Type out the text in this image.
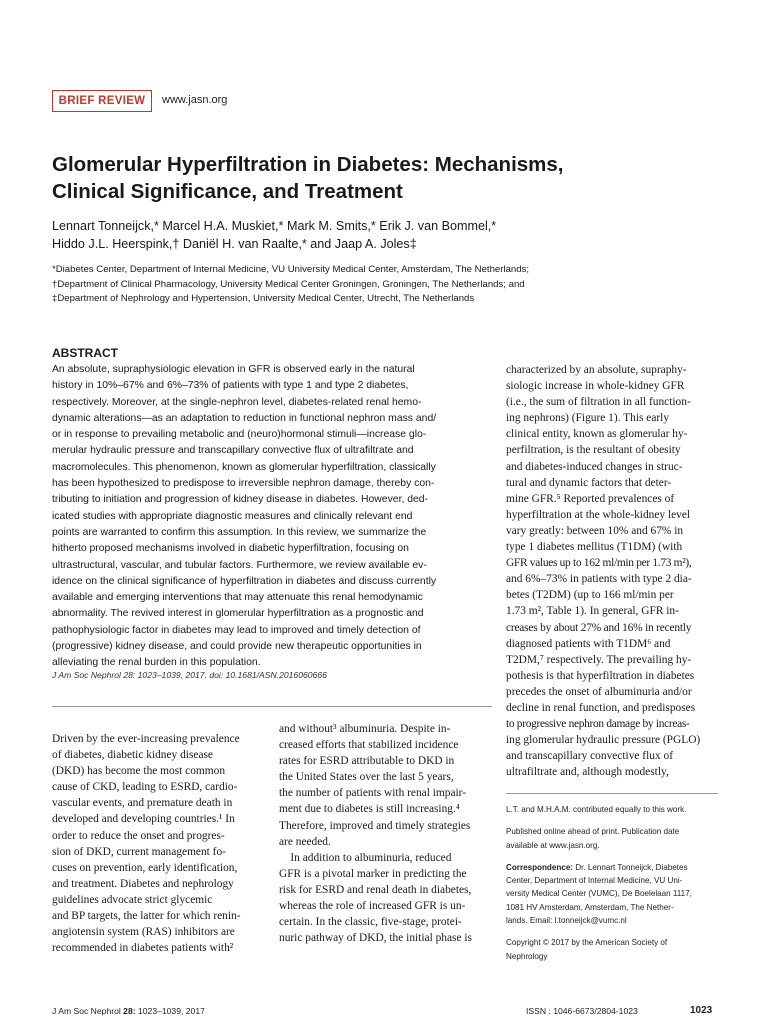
BRIEF REVIEW	www.jasn.org
Glomerular Hyperfiltration in Diabetes: Mechanisms,
Clinical Significance, and Treatment
Lennart Tonneijck,* Marcel H.A. Muskiet,* Mark M. Smits,* Erik J. van Bommel,*
Hiddo J.L. Heerspink,† Daniël H. van Raalte,* and Jaap A. Joles‡
*Diabetes Center, Department of Internal Medicine, VU University Medical Center, Amsterdam, The Netherlands;
†Department of Clinical Pharmacology, University Medical Center Groningen, Groningen, The Netherlands; and
‡Department of Nephrology and Hypertension, University Medical Center, Utrecht, The Netherlands
ABSTRACT
An absolute, supraphysiologic elevation in GFR is observed early in the natural
history in 10%–67% and 6%–73% of patients with type 1 and type 2 diabetes,
respectively. Moreover, at the single-nephron level, diabetes-related renal hemo-
dynamic alterations—as an adaptation to reduction in functional nephron mass and/
or in response to prevailing metabolic and (neuro)hormonal stimuli—increase glo-
merular hydraulic pressure and transcapillary convective flux of ultrafiltrate and
macromolecules. This phenomenon, known as glomerular hyperfiltration, classically
has been hypothesized to predispose to irreversible nephron damage, thereby con-
tributing to initiation and progression of kidney disease in diabetes. However, ded-
icated studies with appropriate diagnostic measures and clinically relevant end
points are warranted to confirm this assumption. In this review, we summarize the
hitherto proposed mechanisms involved in diabetic hyperfiltration, focusing on
ultrastructural, vascular, and tubular factors. Furthermore, we review available ev-
idence on the clinical significance of hyperfiltration in diabetes and discuss currently
available and emerging interventions that may attenuate this renal hemodynamic
abnormality. The revived interest in glomerular hyperfiltration as a prognostic and
pathophysiologic factor in diabetes may lead to improved and timely detection of
(progressive) kidney disease, and could provide new therapeutic opportunities in
alleviating the renal burden in this population.
J Am Soc Nephrol 28: 1023–1039, 2017. doi: 10.1681/ASN.2016060666
Driven by the ever-increasing prevalence
of diabetes, diabetic kidney disease
(DKD) has become the most common
cause of CKD, leading to ESRD, cardio-
vascular events, and premature death in
developed and developing countries.¹ In
order to reduce the onset and progres-
sion of DKD, current management fo-
cuses on prevention, early identification,
and treatment. Diabetes and nephrology
guidelines advocate strict glycemic
and BP targets, the latter for which renin-
angiotensin system (RAS) inhibitors are
recommended in diabetes patients with²
and without³ albuminuria. Despite in-
creased efforts that stabilized incidence
rates for ESRD attributable to DKD in
the United States over the last 5 years,
the number of patients with renal impair-
ment due to diabetes is still increasing.⁴
Therefore, improved and timely strategies
are needed.
In addition to albuminuria, reduced
GFR is a pivotal marker in predicting the
risk for ESRD and renal death in diabetes,
whereas the role of increased GFR is un-
certain. In the classic, five-stage, protei-
nuric pathway of DKD, the initial phase is
characterized by an absolute, supraphy-
siologic increase in whole-kidney GFR
(i.e., the sum of filtration in all function-
ing nephrons) (Figure 1). This early
clinical entity, known as glomerular hy-
perfiltration, is the resultant of obesity
and diabetes-induced changes in struc-
tural and dynamic factors that deter-
mine GFR.⁵ Reported prevalences of
hyperfiltration at the whole-kidney level
vary greatly: between 10% and 67% in
type 1 diabetes mellitus (T1DM) (with
GFR values up to 162 ml/min per 1.73 m²),
and 6%–73% in patients with type 2 dia-
betes (T2DM) (up to 166 ml/min per
1.73 m², Table 1). In general, GFR in-
creases by about 27% and 16% in recently
diagnosed patients with T1DM⁶ and
T2DM,⁷ respectively. The prevailing hy-
pothesis is that hyperfiltration in diabetes
precedes the onset of albuminuria and/or
decline in renal function, and predisposes
to progressive nephron damage by increas-
ing glomerular hydraulic pressure (PGLO)
and transcapillary convective flux of
ultrafiltrate and, although modestly,

L.T. and M.H.A.M. contributed equally to this work.

Published online ahead of print. Publication date
available at www.jasn.org.

Correspondence: Dr. Lennart Tonneijck, Diabetes
Center, Department of Internal Medicine, VU Uni-
versity Medical Center (VUMC), De Boelelaan 1117,
1081 HV Amsterdam, Amsterdam, The Nether-
lands. Email: l.tonneijck@vumc.nl

Copyright © 2017 by the American Society of
Nephrology

J Am Soc Nephrol 28: 1023–1039, 2017	ISSN : 1046-6673/2804-1023	1023
